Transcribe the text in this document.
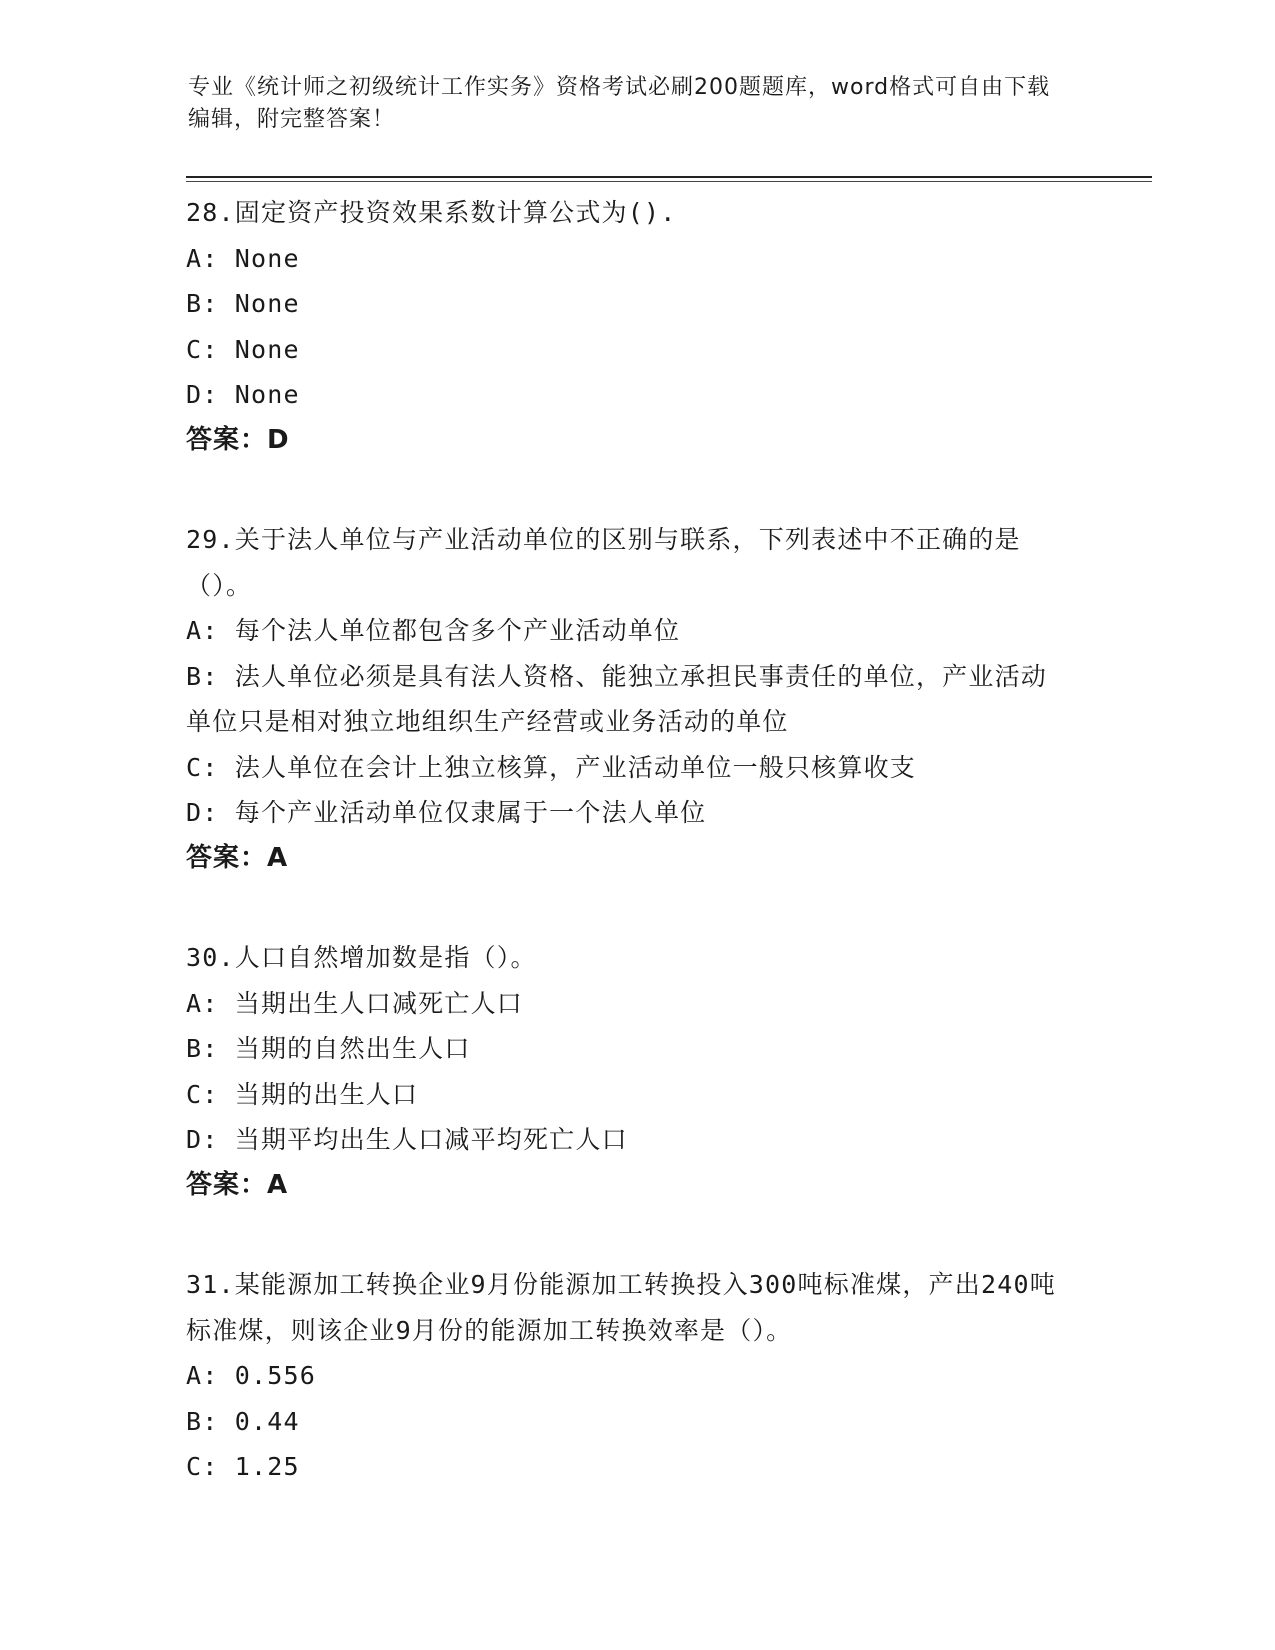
专业《统计师之初级统计工作实务》资格考试必刷200题题库，word格式可自由下载编辑，附完整答案！
28.固定资产投资效果系数计算公式为().
A: None
B: None
C: None
D: None
答案：D
29.关于法人单位与产业活动单位的区别与联系，下列表述中不正确的是（）。
A: 每个法人单位都包含多个产业活动单位
B: 法人单位必须是具有法人资格、能独立承担民事责任的单位，产业活动单位只是相对独立地组织生产经营或业务活动的单位
C: 法人单位在会计上独立核算，产业活动单位一般只核算收支
D: 每个产业活动单位仅隶属于一个法人单位
答案：A
30.人口自然增加数是指（）。
A: 当期出生人口减死亡人口
B: 当期的自然出生人口
C: 当期的出生人口
D: 当期平均出生人口减平均死亡人口
答案：A
31.某能源加工转换企业9月份能源加工转换投入300吨标准煤，产出240吨标准煤，则该企业9月份的能源加工转换效率是（）。
A: 0.556
B: 0.44
C: 1.25
